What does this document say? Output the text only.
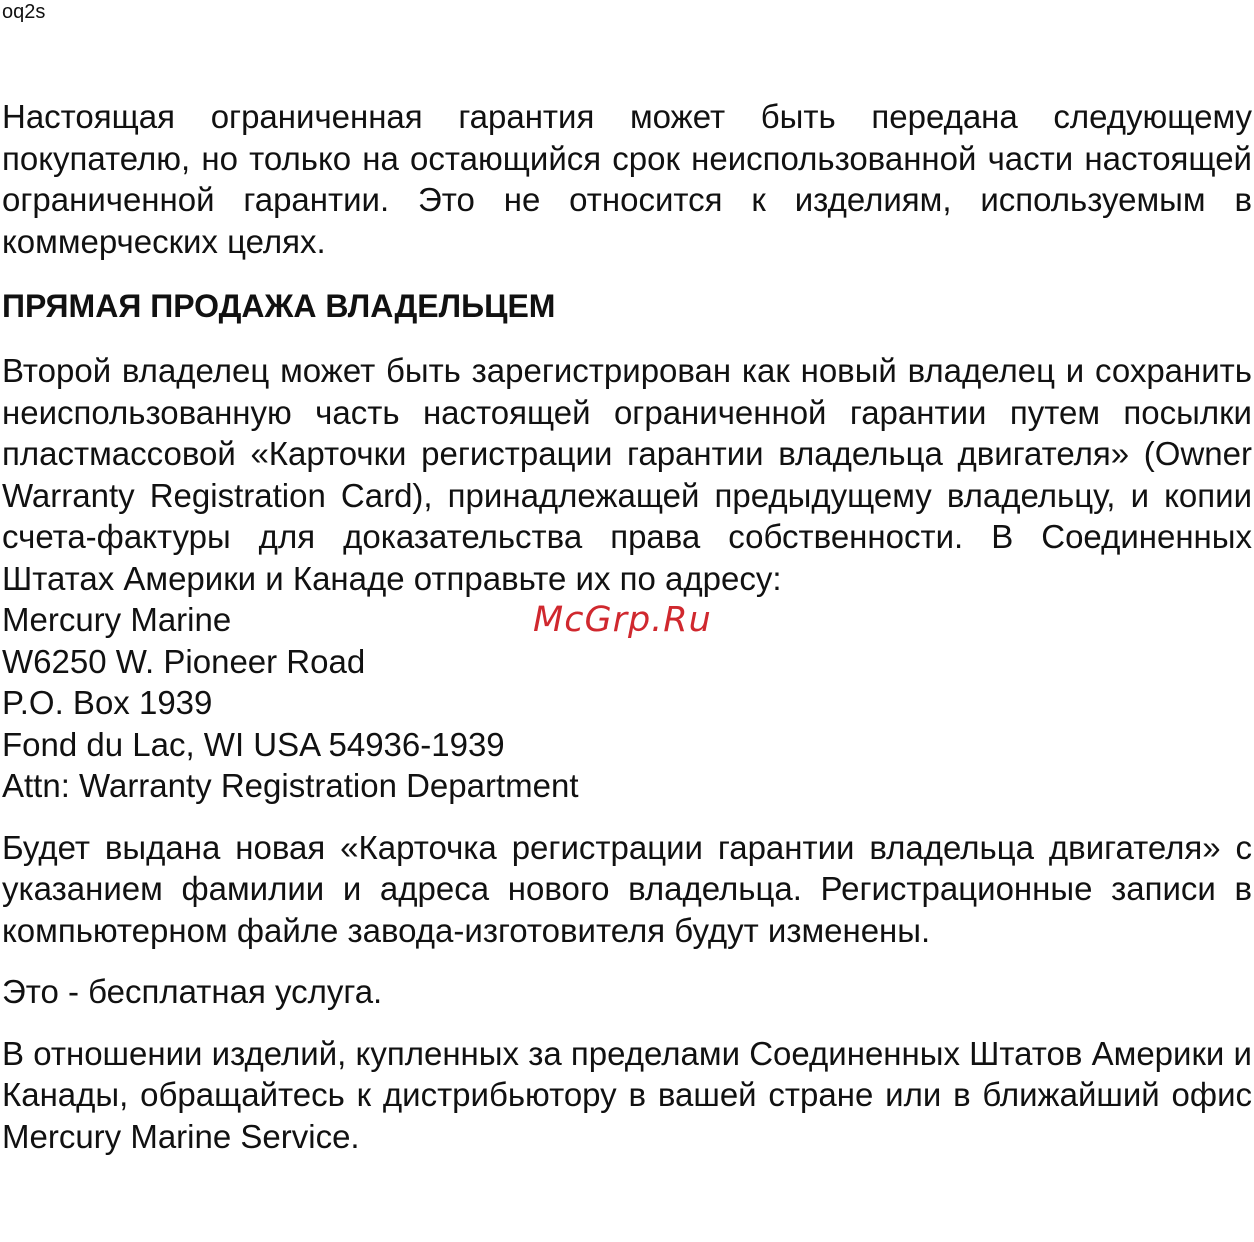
oq2s

Настоящая ограниченная гарантия может быть передана следующему покупателю, но только на остающийся срок неиспользованной части настоящей ограниченной гарантии. Это не относится к изделиям, используемым в коммерческих целях.

ПРЯМАЯ ПРОДАЖА ВЛАДЕЛЬЦЕМ

Второй владелец может быть зарегистрирован как новый владелец и сохранить неиспользованную часть настоящей ограниченной гарантии путем посылки пластмассовой «Карточки регистрации гарантии владельца двигателя» (Owner Warranty Registration Card), принадлежащей предыдущему владельцу, и копии счета-фактуры для доказательства права собственности. В Соединенных Штатах Америки и Канаде отправьте их по адресу:

Mercury Marine
W6250 W. Pioneer Road
P.O. Box 1939
Fond du Lac, WI USA 54936-1939
Attn: Warranty Registration Department

Будет выдана новая «Карточка регистрации гарантии владельца двигателя» с указанием фамилии и адреса нового владельца. Регистрационные записи в компьютерном файле завода-изготовителя будут изменены.

Это - бесплатная услуга.

В отношении изделий, купленных за пределами Соединенных Штатов Америки и Канады, обращайтесь к дистрибьютору в вашей стране или в ближайший офис Mercury Marine Service.

McGrp.Ru
